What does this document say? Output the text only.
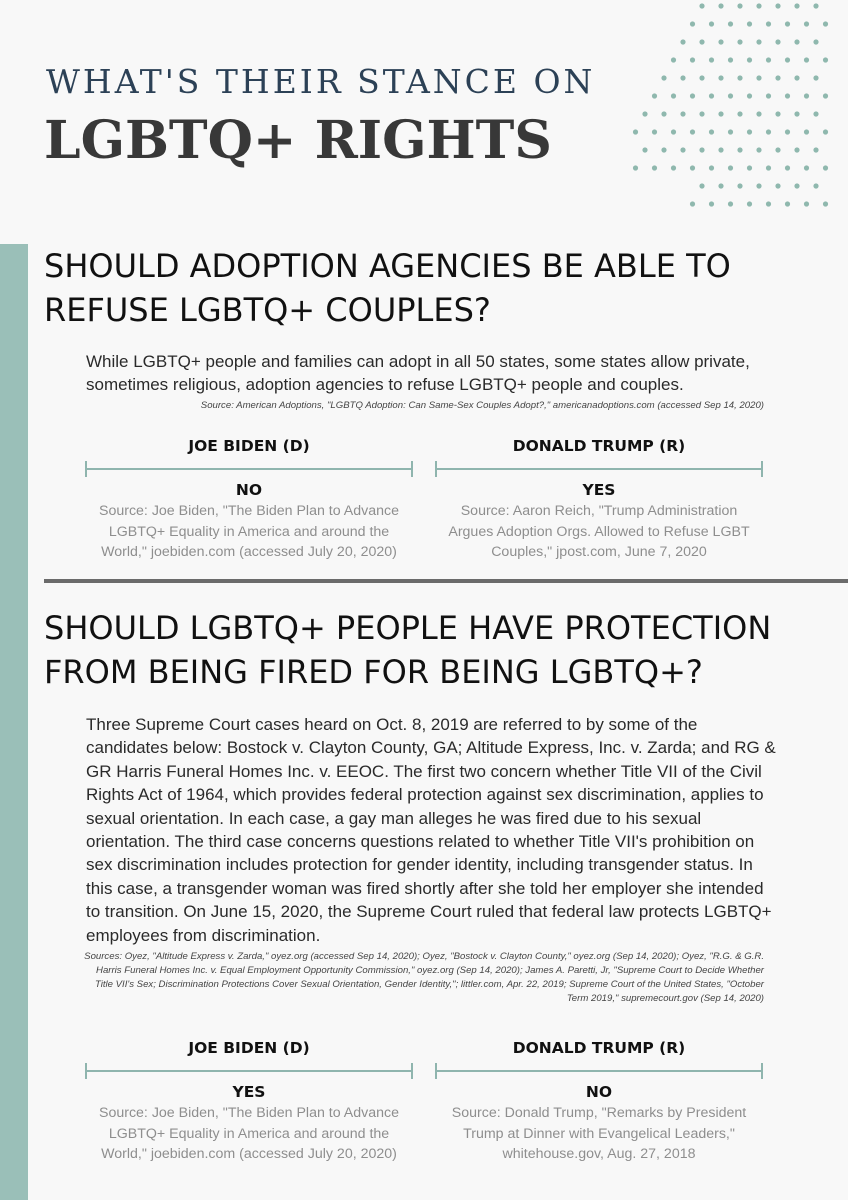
WHAT'S THEIR STANCE ON
LGBTQ+ RIGHTS
SHOULD ADOPTION AGENCIES BE ABLE TO
REFUSE LGBTQ+ COUPLES?

While LGBTQ+ people and families can adopt in all 50 states, some states allow private, sometimes religious, adoption agencies to refuse LGBTQ+ people and couples.

Source: American Adoptions, "LGBTQ Adoption: Can Same-Sex Couples Adopt?," americanadoptions.com (accessed Sep 14, 2020)

JOE BIDEN (D)
NO

Source: Joe Biden, "The Biden Plan to Advance LGBTQ+ Equality in America and around the World," joebiden.com (accessed July 20, 2020)

DONALD TRUMP (R)
YES

Source: Aaron Reich, "Trump Administration Argues Adoption Orgs. Allowed to Refuse LGBT Couples," jpost.com, June 7, 2020

SHOULD LGBTQ+ PEOPLE HAVE PROTECTION
FROM BEING FIRED FOR BEING LGBTQ+?

Three Supreme Court cases heard on Oct. 8, 2019 are referred to by some of the candidates below: Bostock v. Clayton County, GA; Altitude Express, Inc. v. Zarda; and RG & GR Harris Funeral Homes Inc. v. EEOC. The first two concern whether Title VII of the Civil Rights Act of 1964, which provides federal protection against sex discrimination, applies to sexual orientation. In each case, a gay man alleges he was fired due to his sexual orientation. The third case concerns questions related to whether Title VII's prohibition on sex discrimination includes protection for gender identity, including transgender status. In this case, a transgender woman was fired shortly after she told her employer she intended to transition. On June 15, 2020, the Supreme Court ruled that federal law protects LGBTQ+ employees from discrimination.

Sources: Oyez, "Altitude Express v. Zarda," oyez.org (accessed Sep 14, 2020); Oyez, "Bostock v. Clayton County," oyez.org (Sep 14, 2020); Oyez, "R.G. & G.R. Harris Funeral Homes Inc. v. Equal Employment Opportunity Commission," oyez.org (Sep 14, 2020); James A. Paretti, Jr, "Supreme Court to Decide Whether Title VII's Sex; Discrimination Protections Cover Sexual Orientation, Gender Identity,"; littler.com, Apr. 22, 2019; Supreme Court of the United States, "October Term 2019," supremecourt.gov (Sep 14, 2020)

JOE BIDEN (D)
YES

Source: Joe Biden, "The Biden Plan to Advance LGBTQ+ Equality in America and around the World," joebiden.com (accessed July 20, 2020)

DONALD TRUMP (R)
NO

Source: Donald Trump, "Remarks by President Trump at Dinner with Evangelical Leaders," whitehouse.gov, Aug. 27, 2018
